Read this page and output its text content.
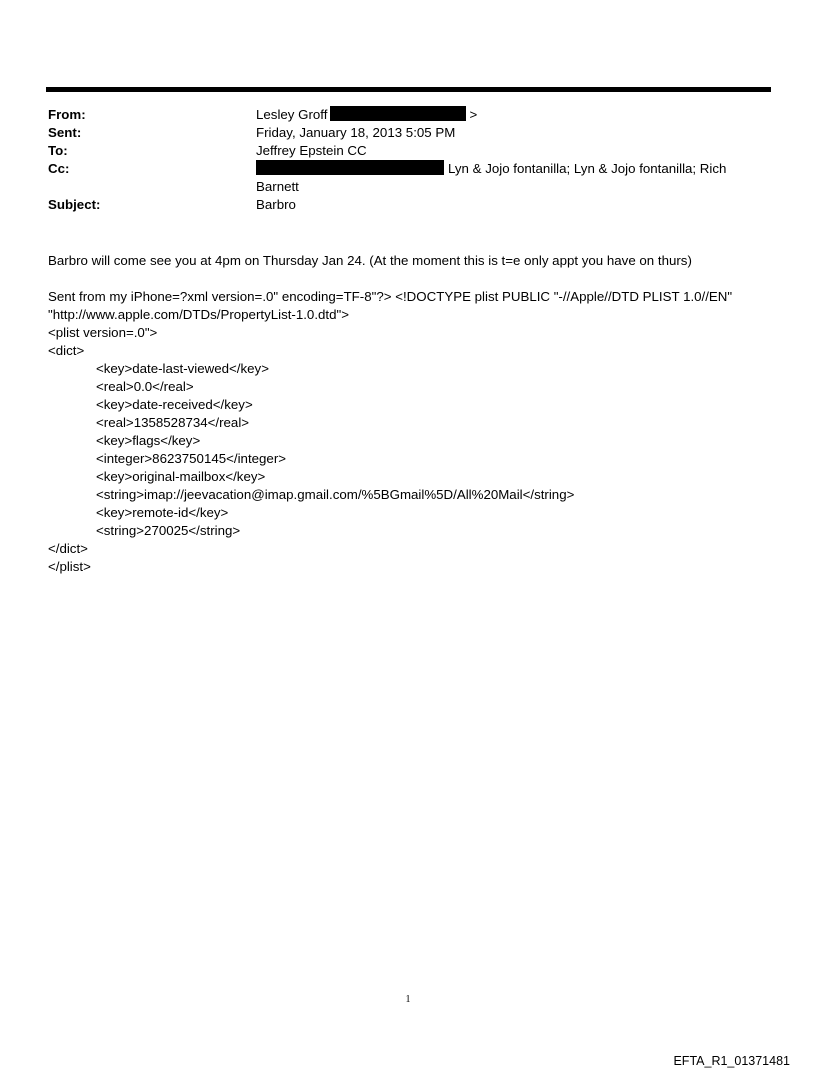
From:	Lesley Groff	>
Sent:	Friday, January 18, 2013 5:05 PM
To:	Jeffrey Epstein CC
Cc:	Lyn & Jojo fontanilla; Lyn & Jojo fontanilla; Rich
Barnett
Subject:	Barbro

Barbro will come see you at 4pm on Thursday Jan 24. (At the moment this is t=e only appt you have on thurs)

Sent from my iPhone=?xml version=.0" encoding=TF-8"?> <!DOCTYPE plist PUBLIC "-//Apple//DTD PLIST 1.0//EN"

"http://www.apple.com/DTDs/PropertyList-1.0.dtd">

<plist version=.0">

<dict>

<key>date-last-viewed</key>

<real>0.0</real>

<key>date-received</key>

<real>1358528734</real>

<key>flags</key>

<integer>8623750145</integer>

<key>original-mailbox</key>

<string>imap://jeevacation@imap.gmail.com/%5BGmail%5D/All%20Mail</string>

<key>remote-id</key>

<string>270025</string>

</dict>

</plist>

1
EFTA_R1_01371481
